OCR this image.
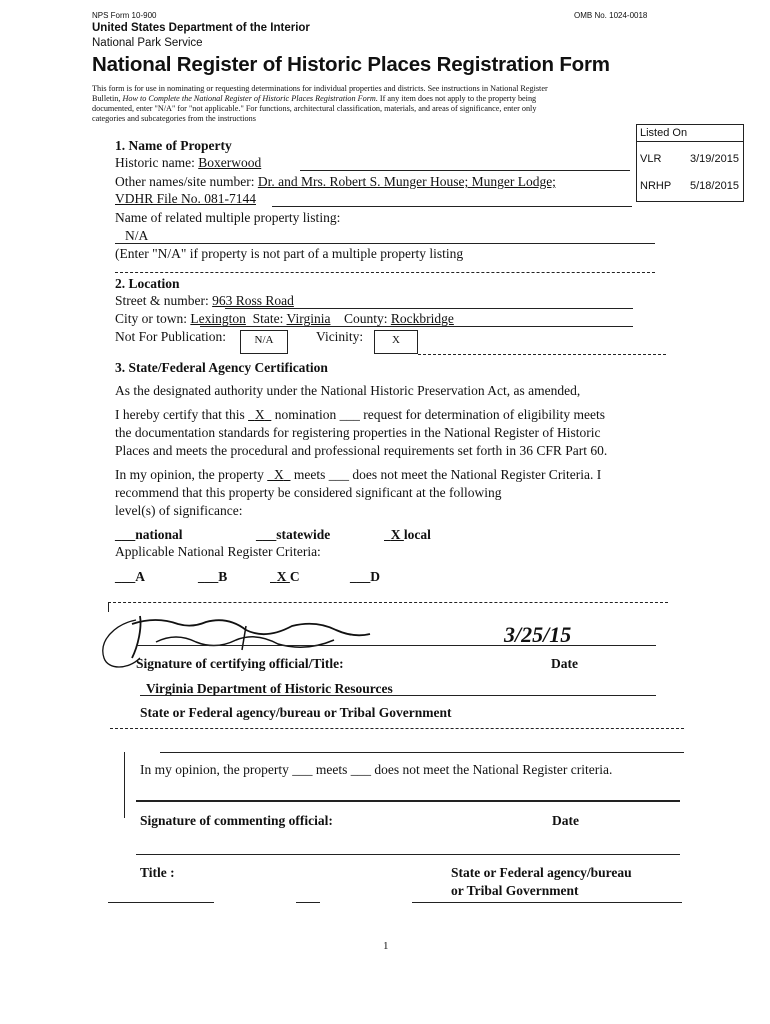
NPS Form 10-900	OMB No. 1024-0018
United States Department of the Interior
National Park Service
National Register of Historic Places Registration Form
This form is for use in nominating or requesting determinations for individual properties and districts. See instructions in National Register
Bulletin, How to Complete the National Register of Historic Places Registration Form. If any item does not apply to the property being
documented, enter "N/A" for "not applicable." For functions, architectural classification, materials, and areas of significance, enter only
categories and subcategories from the instructions
Listed On
VLR	3/19/2015
NRHP 5/18/2015
1. Name of Property
Historic name: Boxerwood
Other names/site number: Dr. and Mrs. Robert S. Munger House; Munger Lodge;
VDHR File No. 081-7144
Name of related multiple property listing:
N/A
(Enter "N/A" if property is not part of a multiple property listing
2. Location
Street & number: 963 Ross Road
City or town: Lexington State: Virginia County: Rockbridge
Not For Publication:	N/A	Vicinity:	X
3. State/Federal Agency Certification
As the designated authority under the National Historic Preservation Act, as amended,
I hereby certify that this X nomination ___ request for determination of eligibility meets
the documentation standards for registering properties in the National Register of Historic
Places and meets the procedural and professional requirements set forth in 36 CFR Part 60.
In my opinion, the property X meets ___ does not meet the National Register Criteria. I
recommend that this property be considered significant at the following
level(s) of significance:
___national	___statewide	X local
Applicable National Register Criteria:
___A	___B	X C	___D
3/25/15
Signature of certifying official/Title:	Date
Virginia Department of Historic Resources
State or Federal agency/bureau or Tribal Government
In my opinion, the property ___ meets ___ does not meet the National Register criteria.
Signature of commenting official:	Date
Title :	State or Federal agency/bureau
or Tribal Government
1
